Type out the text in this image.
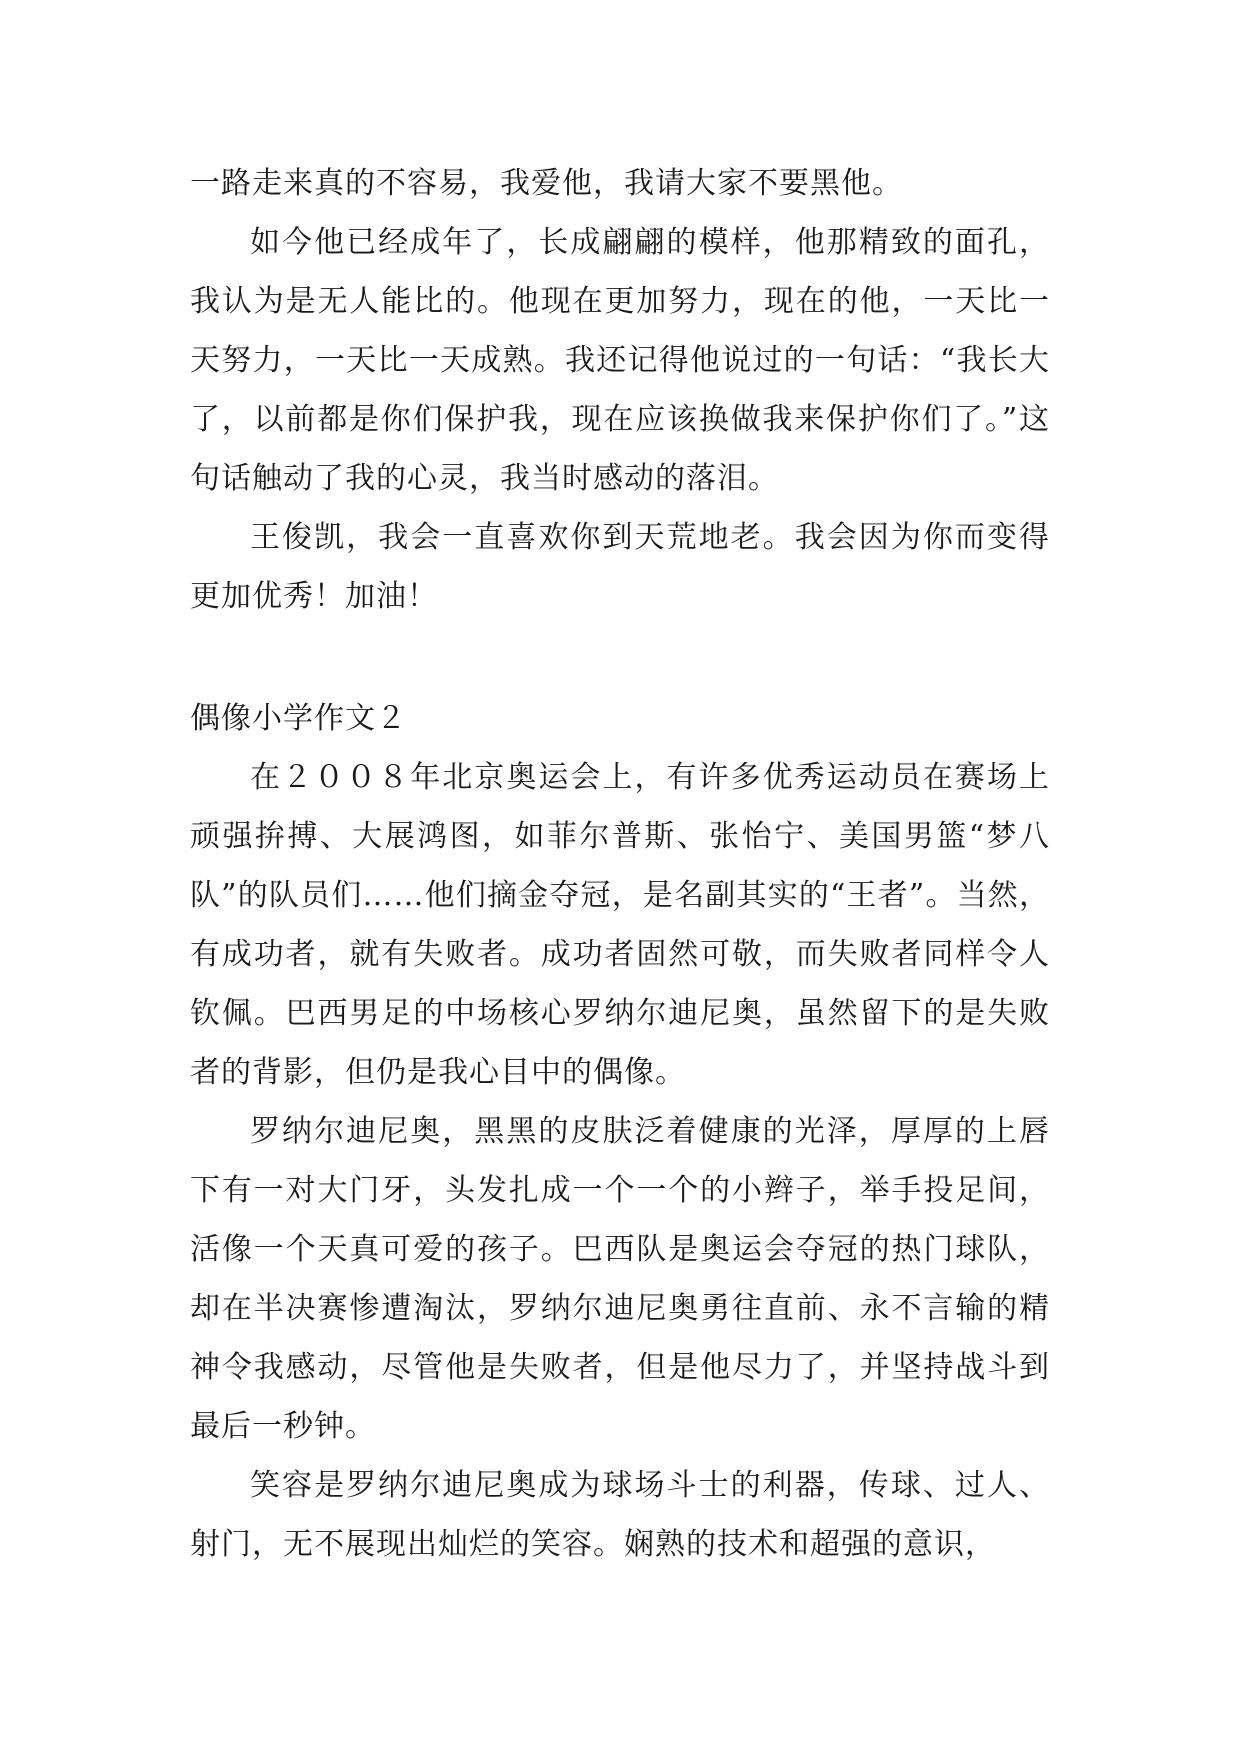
一路走来真的不容易，我爱他，我请大家不要黑他。

如今他已经成年了，长成翩翩的模样，他那精致的面孔，我认为是无人能比的。他现在更加努力，现在的他，一天比一天努力，一天比一天成熟。我还记得他说过的一句话：“我长大了，以前都是你们保护我，现在应该换做我来保护你们了。”这句话触动了我的心灵，我当时感动的落泪。

王俊凯，我会一直喜欢你到天荒地老。我会因为你而变得更加优秀！加油！

偶像小学作文２

在２００８年北京奥运会上，有许多优秀运动员在赛场上顽强拚搏、大展鸿图，如菲尔普斯、张怡宁、美国男篮“梦八队”的队员们……他们摘金夺冠，是名副其实的“王者”。当然，有成功者，就有失败者。成功者固然可敬，而失败者同样令人钦佩。巴西男足的中场核心罗纳尔迪尼奥，虽然留下的是失败者的背影，但仍是我心目中的偶像。

罗纳尔迪尼奥，黑黑的皮肤泛着健康的光泽，厚厚的上唇下有一对大门牙，头发扎成一个一个的小辫子，举手投足间，活像一个天真可爱的孩子。巴西队是奥运会夺冠的热门球队，却在半决赛惨遭淘汰，罗纳尔迪尼奥勇往直前、永不言输的精神令我感动，尽管他是失败者，但是他尽力了，并坚持战斗到最后一秒钟。

笑容是罗纳尔迪尼奥成为球场斗士的利器，传球、过人、射门，无不展现出灿烂的笑容。娴熟的技术和超强的意识，
